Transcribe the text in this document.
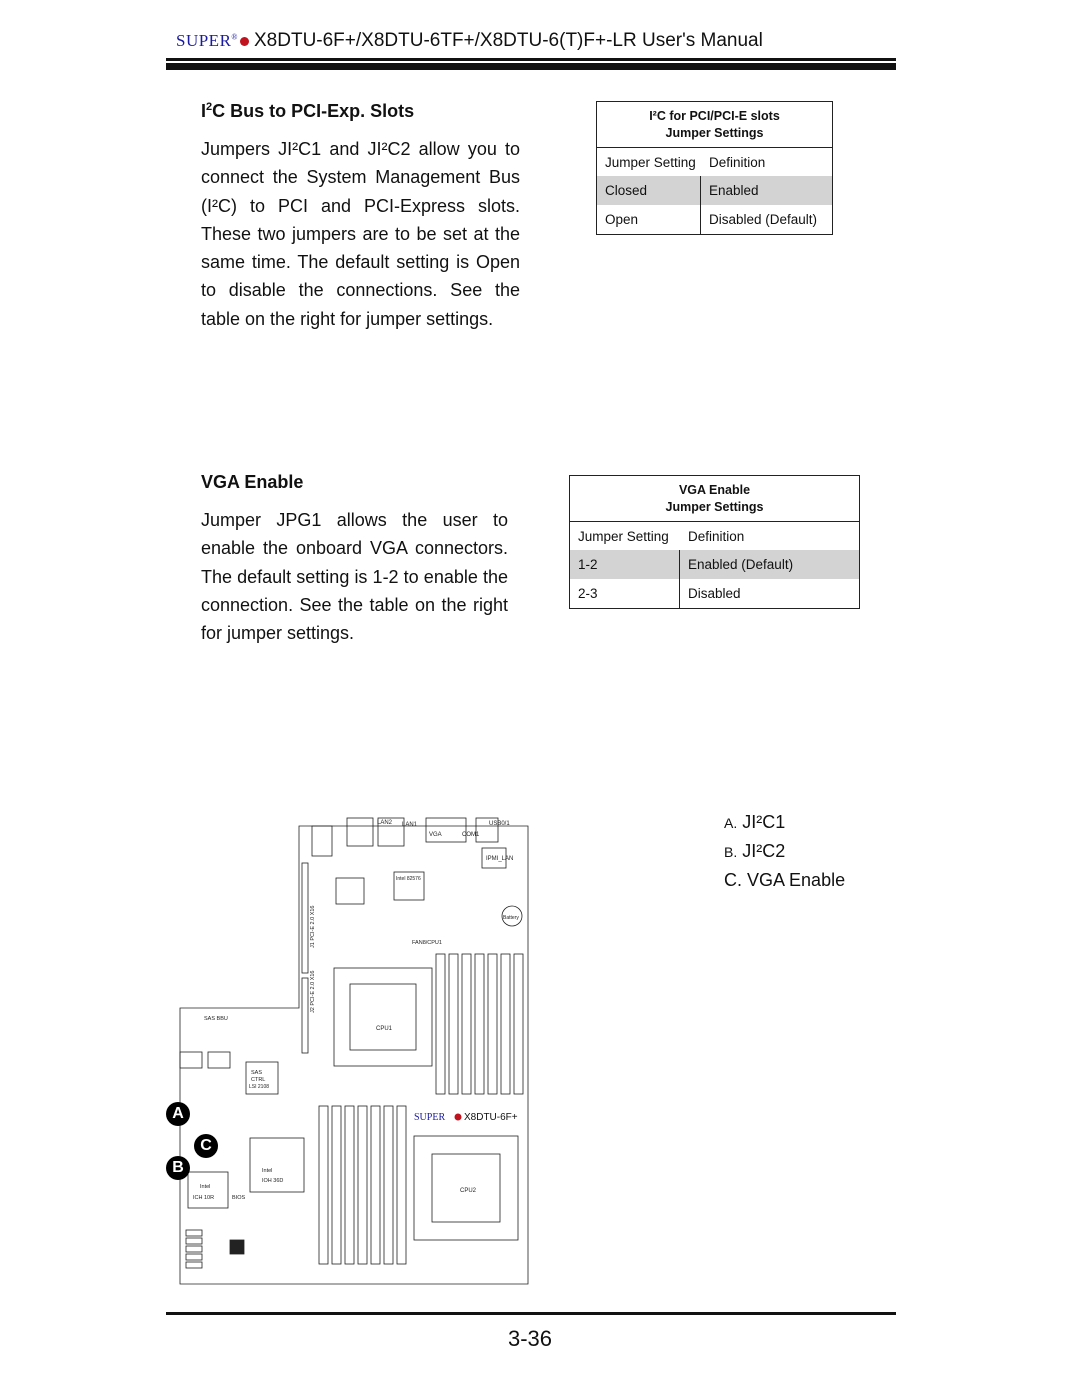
SUPER® X8DTU-6F+/X8DTU-6TF+/X8DTU-6(T)F+-LR User's Manual
$I^2C$ Bus to PCI-Exp. Slots
Jumpers JI²C1 and JI²C2 allow you to connect the System Management Bus (I²C) to PCI and PCI-Express slots. These two jumpers are to be set at the same time. The default setting is Open to disable the connections. See the table on the right for jumper settings.
I²C for PCI/PCI-E slots
Jumper Settings
Jumper Setting Definition
Closed	Enabled
Open	Disabled (Default)
VGA Enable
Jumper JPG1 allows the user to enable the onboard VGA connectors. The default setting is 1-2 to enable the connection. See the table on the right for jumper settings.
VGA Enable
Jumper Settings
Jumper Setting	Definition
1-2	Enabled (Default)
2-3	Disabled
A. JI²C1
B. JI²C2
C. VGA Enable
VGA	COM1
USB0/1
LAN1
LAN2
IPMI_LAN
Intel 82576
J1 PCI-E 2.0 X16
J2 PCI-E 2.0 X16
Battery
FAN8/CPU1
CPU1
SAS
CTRL
LSI 2108
SAS BBU
SUPER X8DTU-6F+
CPU2
Intel
IOH 36D
Intel
ICH 10R	BIOS
A
C
B
3-36
